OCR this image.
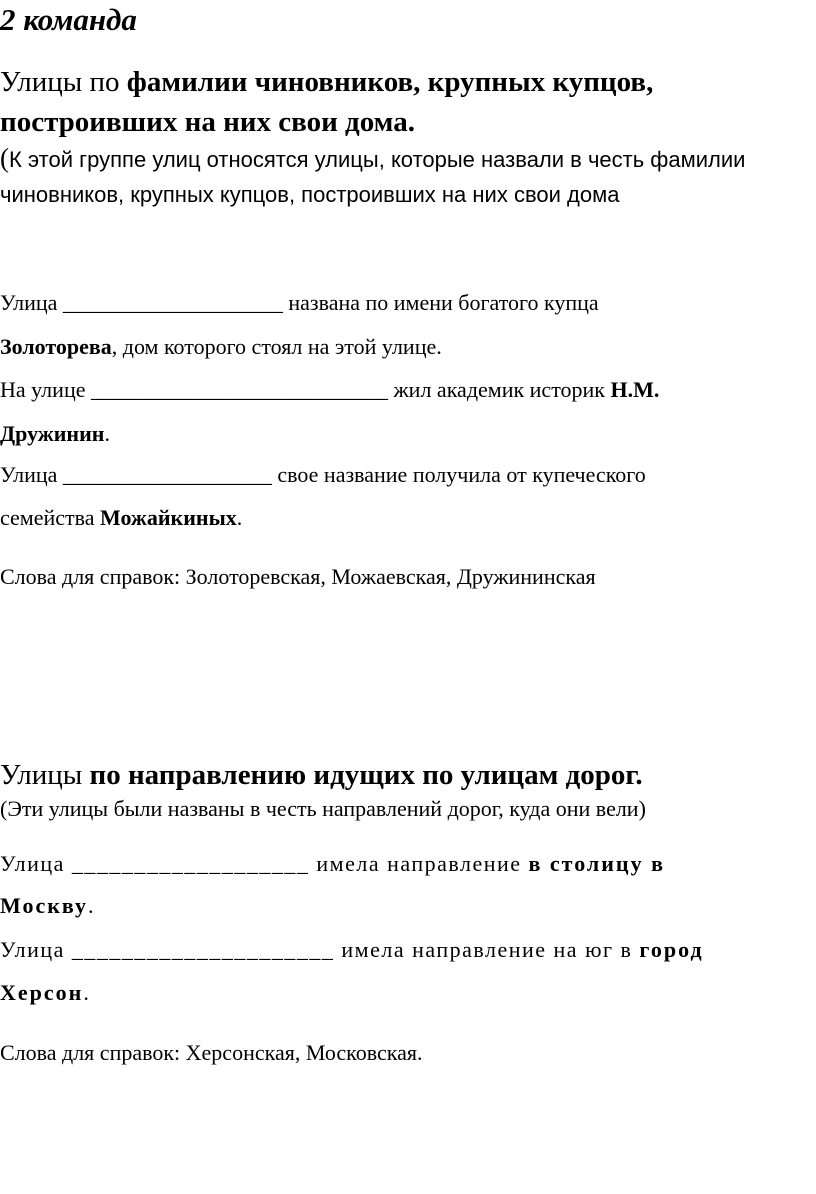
2 команда
Улицы по фамилии чиновников, крупных купцов,
построивших на них свои дома.
(К этой группе улиц относятся улицы, которые назвали в честь фамилии
чиновников, крупных купцов, построивших на них свои дома
Улица ____________________ названа по имени богатого купца
Золоторева, дом которого стоял на этой улице.
На улице ___________________________ жил академик историк Н.М.
Дружинин.
Улица ___________________ свое название получила от купеческого
семейства Можайкиных.
Слова для справок: Золоторевская, Можаевская, Дружининская
Улицы по направлению идущих по улицам дорог.
(Эти улицы были названы в честь направлений дорог, куда они вели)
Улица ___________________ имела направление в столицу в
Москву.
Улица _____________________ имела направление на юг в город
Херсон.
Слова для справок: Херсонская, Московская.
